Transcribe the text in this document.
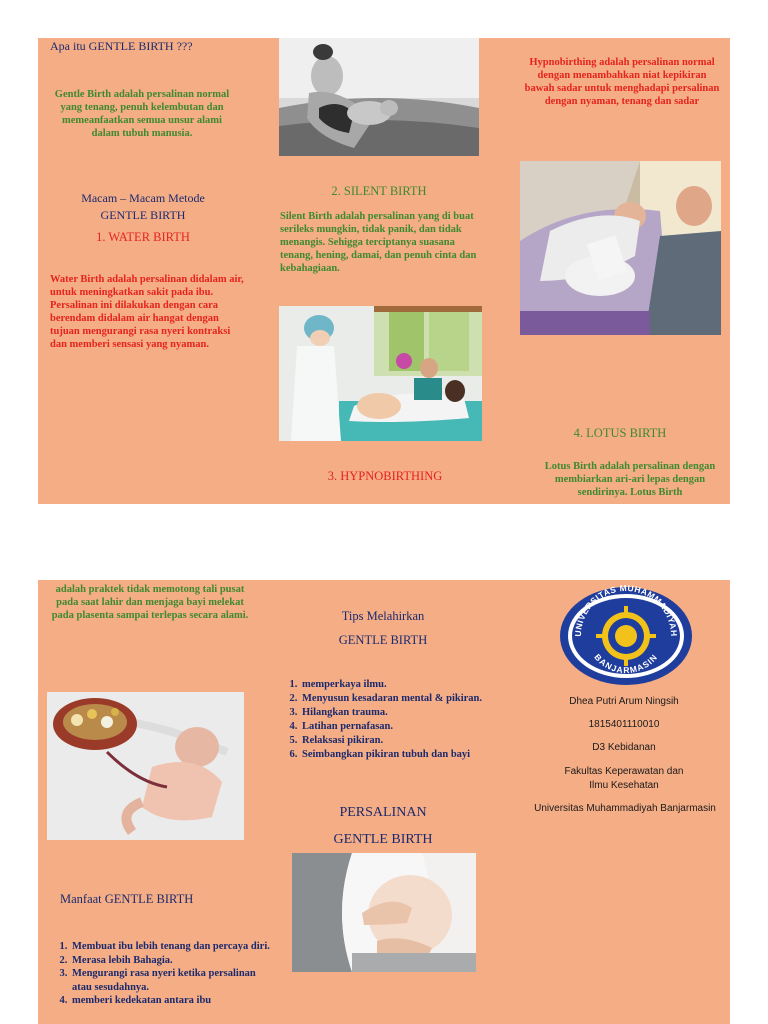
Apa itu GENTLE BIRTH ???
Gentle Birth adalah persalinan normal yang tenang, penuh kelembutan dan memeanfaatkan semua unsur alami dalam tubuh manusia.
Macam – Macam Metode
GENTLE BIRTH
1. WATER BIRTH
Water Birth adalah persalinan didalam air, untuk meningkatkan sakit pada ibu. Persalinan ini dilakukan dengan cara berendam didalam air hangat dengan tujuan mengurangi rasa nyeri kontraksi dan memberi sensasi yang nyaman.
2. SILENT BIRTH
Silent Birth adalah persalinan yang di buat serileks mungkin, tidak panik, dan tidak menangis. Sehigga terciptanya suasana tenang, hening, damai, dan penuh cinta dan kebahagiaan.
3. HYPNOBIRTHING
Hypnobirthing adalah persalinan normal dengan menambahkan niat kepikiran bawah sadar untuk menghadapi persalinan dengan nyaman, tenang dan sadar
4. LOTUS BIRTH
Lotus Birth adalah persalinan dengan membiarkan ari-ari lepas dengan sendirinya. Lotus Birth
adalah praktek tidak memotong tali pusat pada saat lahir dan menjaga bayi melekat pada plasenta sampai terlepas secara alami.
Manfaat GENTLE BIRTH
1. Membuat ibu lebih tenang dan percaya diri.
2. Merasa lebih Bahagia.
3. Mengurangi rasa nyeri ketika persalinan atau sesudahnya.
4. memberi kedekatan antara ibu
Tips Melahirkan
GENTLE BIRTH
1. memperkaya ilmu.
2. Menyusun kesadaran mental & pikiran.
3. Hilangkan trauma.
4. Latihan pernafasan.
5. Relaksasi pikiran.
6. Seimbangkan pikiran tubuh dan bayi
PERSALINAN
GENTLE BIRTH
UNIVERSITAS MUHAMMADIYAH
BANJARMASIN
Dhea Putri Arum Ningsih
1815401110010
D3 Kebidanan
Fakultas Keperawatan dan Ilmu Kesehatan
Universitas Muhammadiyah Banjarmasin
